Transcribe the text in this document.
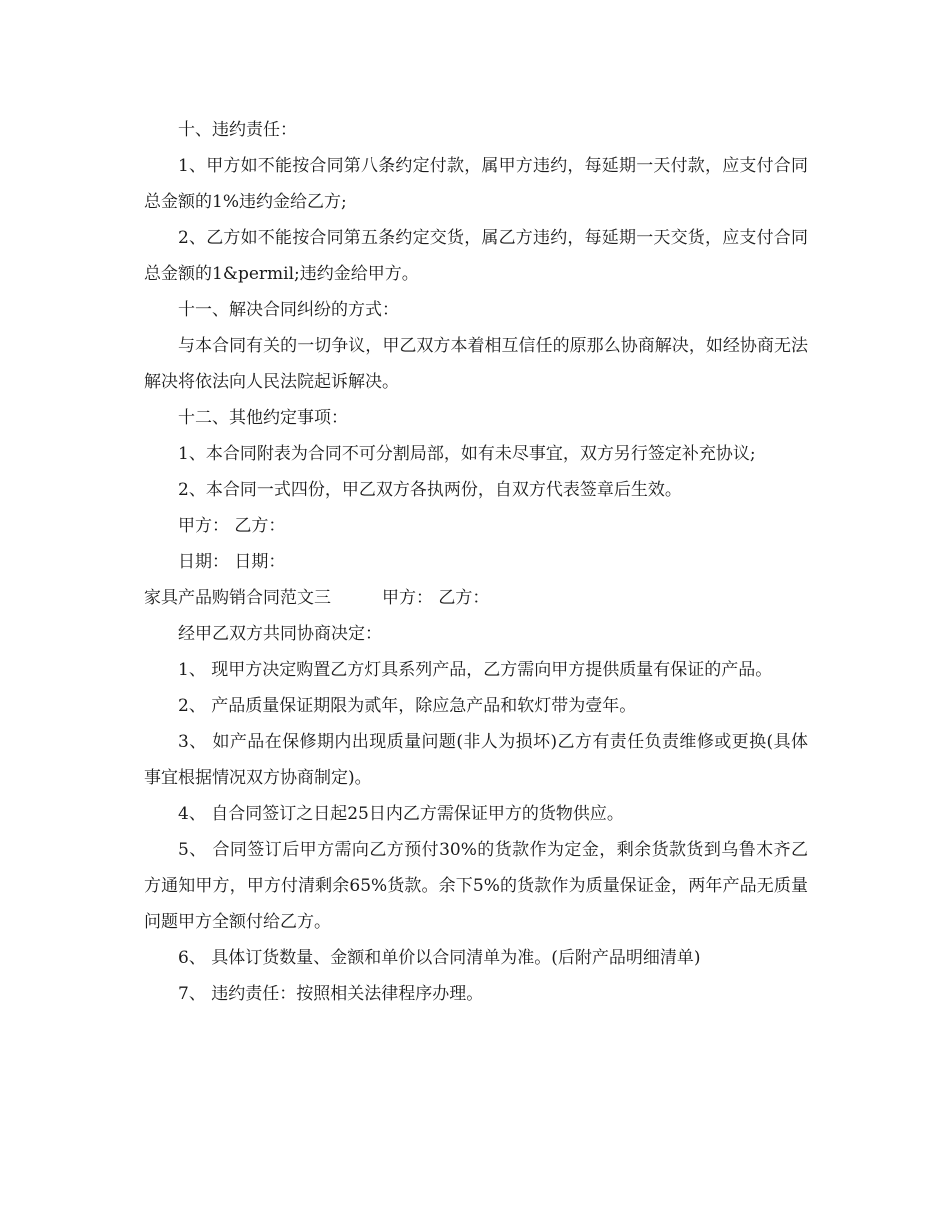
十、违约责任：

1、甲方如不能按合同第八条约定付款，属甲方违约，每延期一天付款，应支付合同总金额的1%违约金给乙方;

2、乙方如不能按合同第五条约定交货，属乙方违约，每延期一天交货，应支付合同总金额的1&permil;违约金给甲方。

十一、解决合同纠纷的方式：

与本合同有关的一切争议，甲乙双方本着相互信任的原那么协商解决，如经协商无法解决将依法向人民法院起诉解决。

十二、其他约定事项：

1、本合同附表为合同不可分割局部，如有未尽事宜，双方另行签定补充协议;

2、本合同一式四份，甲乙双方各执两份，自双方代表签章后生效。

甲方： 乙方：

日期： 日期：

家具产品购销合同范文三　　　甲方： 乙方：

经甲乙双方共同协商决定：

1、 现甲方决定购置乙方灯具系列产品，乙方需向甲方提供质量有保证的产品。

2、 产品质量保证期限为贰年，除应急产品和软灯带为壹年。

3、 如产品在保修期内出现质量问题(非人为损坏)乙方有责任负责维修或更换(具体事宜根据情况双方协商制定)。

4、 自合同签订之日起25日内乙方需保证甲方的货物供应。

5、 合同签订后甲方需向乙方预付30%的货款作为定金，剩余货款货到乌鲁木齐乙方通知甲方，甲方付清剩余65%货款。余下5%的货款作为质量保证金，两年产品无质量问题甲方全额付给乙方。

6、 具体订货数量、金额和单价以合同清单为准。(后附产品明细清单)

7、 违约责任：按照相关法律程序办理。
